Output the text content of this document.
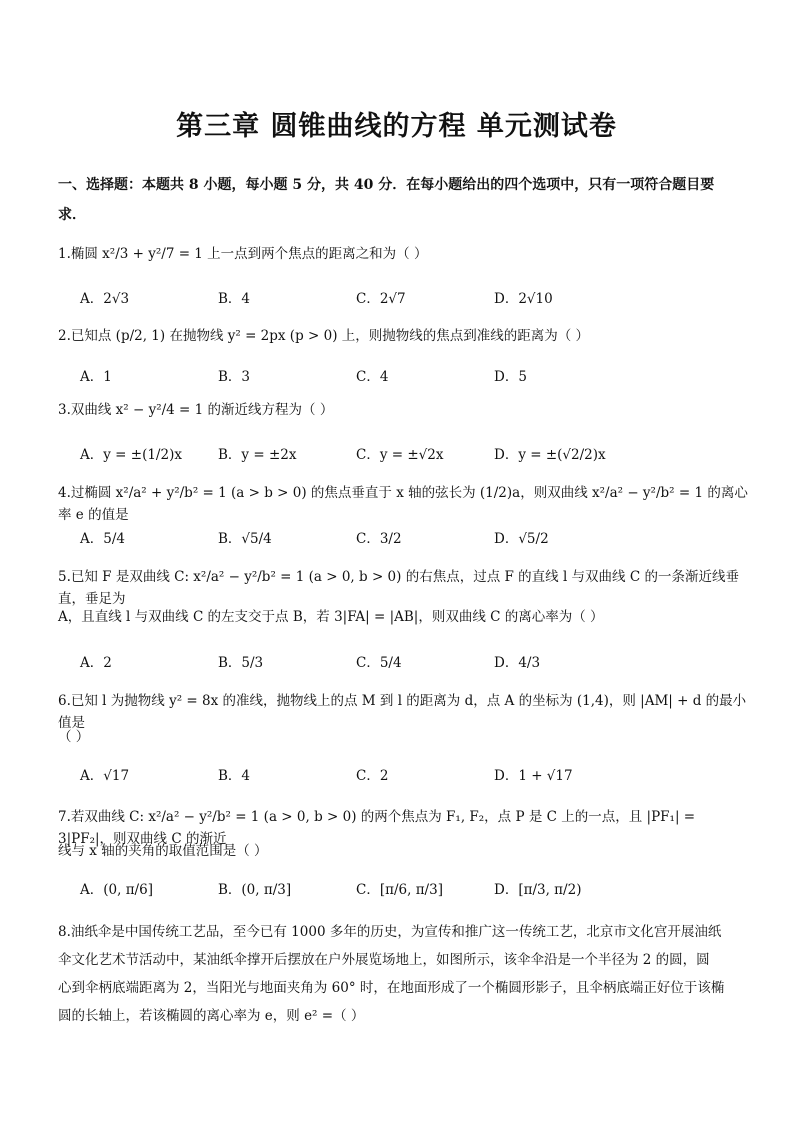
第三章 圆锥曲线的方程 单元测试卷
一、选择题：本题共 8 小题，每小题 5 分，共 40 分．在每小题给出的四个选项中，只有一项符合题目要求．
1.椭圆 x²/3 + y²/7 = 1 上一点到两个焦点的距离之和为（ ）
A．2√3	B．4	C．2√7	D．2√10
2.已知点 (p/2, 1) 在抛物线 y² = 2px (p > 0) 上，则抛物线的焦点到准线的距离为（ ）
A．1	B．3	C．4	D．5
3.双曲线 x² − y²/4 = 1 的渐近线方程为（ ）
A．y = ±(1/2)x	B．y = ±2x	C．y = ±√2x	D．y = ±(√2/2)x
4.过椭圆 x²/a² + y²/b² = 1 (a > b > 0) 的焦点垂直于 x 轴的弦长为 (1/2)a，则双曲线 x²/a² − y²/b² = 1 的离心率 e 的值是
A．5/4	B．√5/4	C．3/2	D．√5/2
5.已知 F 是双曲线 C: x²/a² − y²/b² = 1 (a > 0, b > 0) 的右焦点，过点 F 的直线 l 与双曲线 C 的一条渐近线垂直，垂足为
A，且直线 l 与双曲线 C 的左支交于点 B，若 3|FA| = |AB|，则双曲线 C 的离心率为（ ）
A．2	B．5/3	C．5/4	D．4/3
6.已知 l 为抛物线 y² = 8x 的准线，抛物线上的点 M 到 l 的距离为 d，点 A 的坐标为 (1,4)，则 |AM| + d 的最小值是
（ ）
A．√17	B．4	C．2	D．1 + √17
7.若双曲线 C: x²/a² − y²/b² = 1 (a > 0, b > 0) 的两个焦点为 F₁, F₂，点 P 是 C 上的一点，且 |PF₁| = 3|PF₂|，则双曲线 C 的渐近
线与 x 轴的夹角的取值范围是（ ）
A．(0, π/6]	B．(0, π/3]	C．[π/6, π/3]	D．[π/3, π/2)
8.油纸伞是中国传统工艺品，至今已有 1000 多年的历史，为宣传和推广这一传统工艺，北京市文化宫开展油纸
伞文化艺术节活动中，某油纸伞撑开后摆放在户外展览场地上，如图所示，该伞伞沿是一个半径为 2 的圆，圆
心到伞柄底端距离为 2，当阳光与地面夹角为 60° 时，在地面形成了一个椭圆形影子，且伞柄底端正好位于该椭
圆的长轴上，若该椭圆的离心率为 e，则 e² =（ ）
